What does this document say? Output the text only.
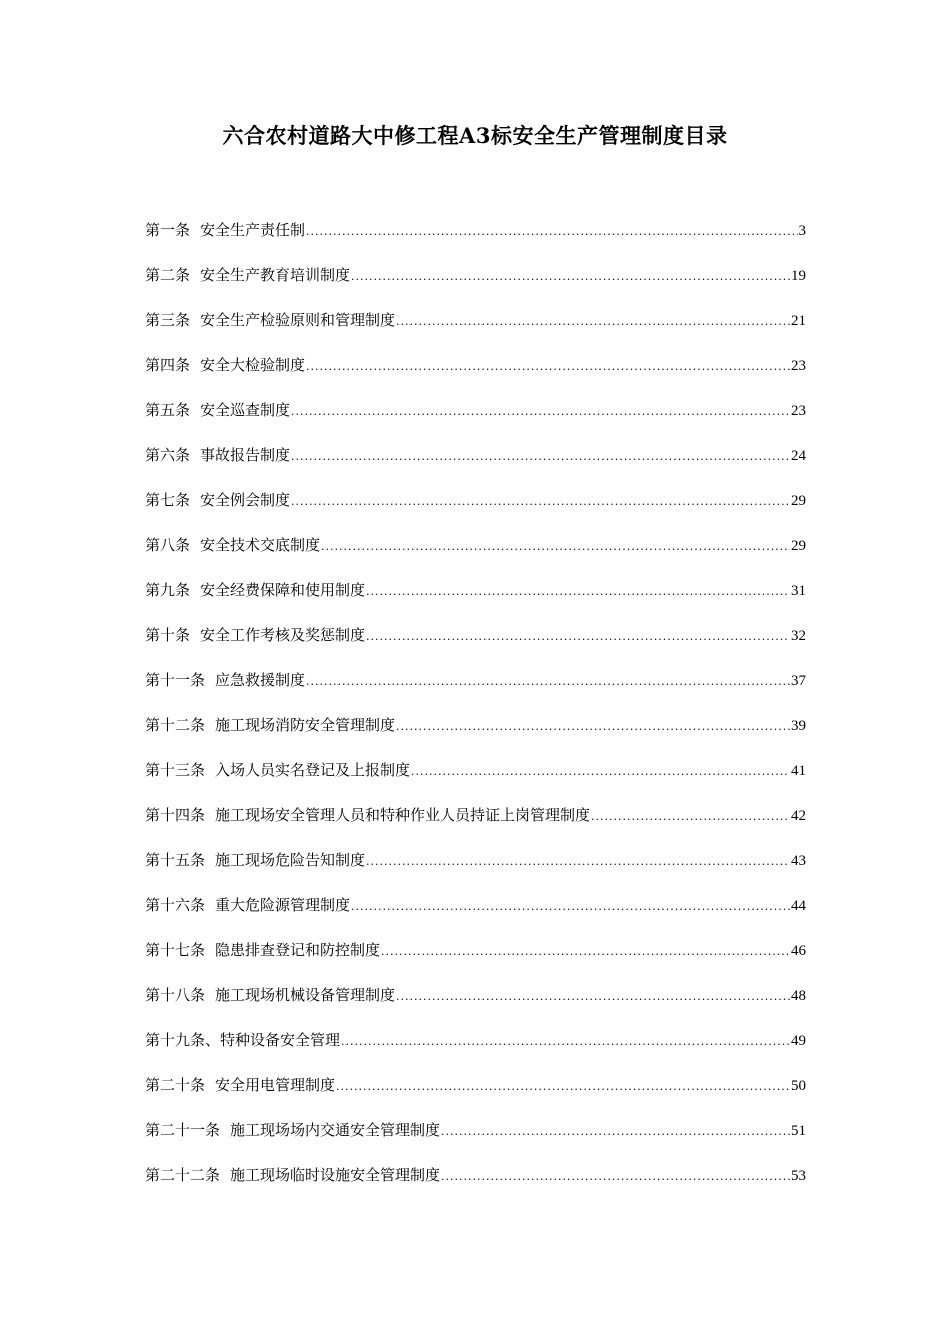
六合农村道路大中修工程A3标安全生产管理制度目录
第一条 安全生产责任制 .....	3
第二条 安全生产教育培训制度 .....	19
第三条 安全生产检验原则和管理制度 .....	21
第四条 安全大检验制度 .....	23
第五条 安全巡查制度 .....	23
第六条 事故报告制度 .....	24
第七条 安全例会制度 .....	29
第八条 安全技术交底制度 .....	29
第九条 安全经费保障和使用制度 .....	31
第十条 安全工作考核及奖惩制度 .....	32
第十一条 应急救援制度 .....	37
第十二条 施工现场消防安全管理制度 .....	39
第十三条 入场人员实名登记及上报制度 .....	41
第十四条 施工现场安全管理人员和特种作业人员持证上岗管理制度 .....	42
第十五条 施工现场危险告知制度 .....	43
第十六条 重大危险源管理制度 .....	44
第十七条 隐患排查登记和防控制度 .....	46
第十八条 施工现场机械设备管理制度 .....	48
第十九条、 特种设备安全管理 .....	49
第二十条 安全用电管理制度 .....	50
第二十一条 施工现场场内交通安全管理制度 .....	51
第二十二条 施工现场临时设施安全管理制度 .....	53
